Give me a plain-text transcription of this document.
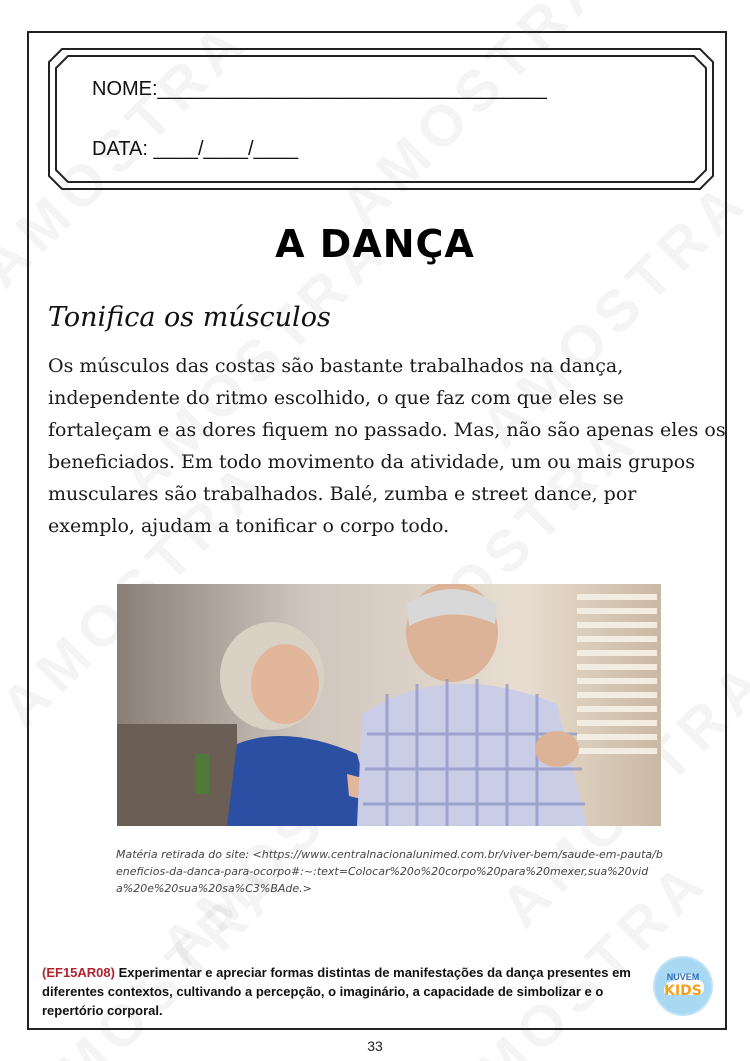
NOME:___________________________________
DATA: ____/____/____
A DANÇA
Tonifica os músculos
Os músculos das costas são bastante trabalhados na dança, independente do ritmo escolhido, o que faz com que eles se fortaleçam e as dores fiquem no passado. Mas, não são apenas eles os beneficiados. Em todo movimento da atividade, um ou mais grupos musculares são trabalhados. Balé, zumba e street dance, por exemplo, ajudam a tonificar o corpo todo.
Matéria retirada do site: <https://www.centralnacionalunimed.com.br/viver-bem/saude-em-pauta/beneficios-da-danca-para-ocorpo#:~:text=Colocar%20o%20corpo%20para%20mexer,sua%20vida%20e%20sua%20sa%C3%BAde.>
(EF15AR08) Experimentar e apreciar formas distintas de manifestações da dança presentes em diferentes contextos, cultivando a percepção, o imaginário, a capacidade de simbolizar e o repertório corporal.
NUVEM
KIDS
33
